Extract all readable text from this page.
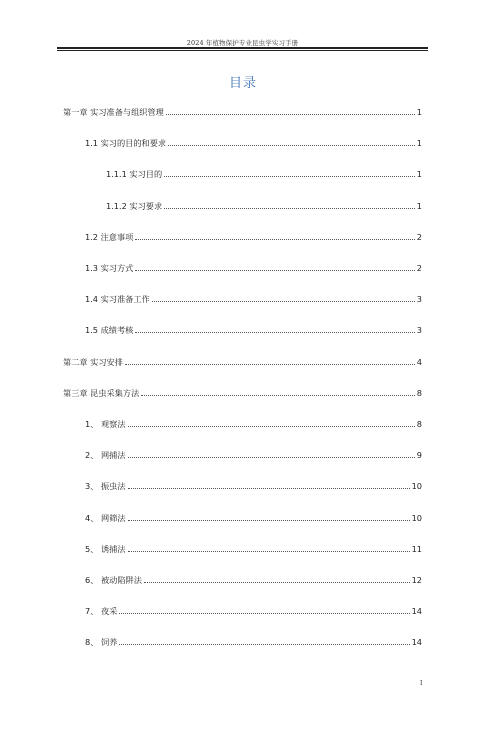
2024 年植物保护专业昆虫学实习手册
目录
第一章 实习准备与组织管理	1
1.1 实习的目的和要求	1
1.1.1 实习目的	1
1.1.2 实习要求	1
1.2 注意事项	2
1.3 实习方式	2
1.4 实习准备工作	3
1.5 成绩考核	3
第二章 实习安排	4
第三章 昆虫采集方法	8
1、 观察法	8
2、 网捕法	9
3、 振虫法	10
4、 网筛法	10
5、 诱捕法	11
6、 被动陷阱法	12
7、 夜采	14
8、 饲养	14
I
